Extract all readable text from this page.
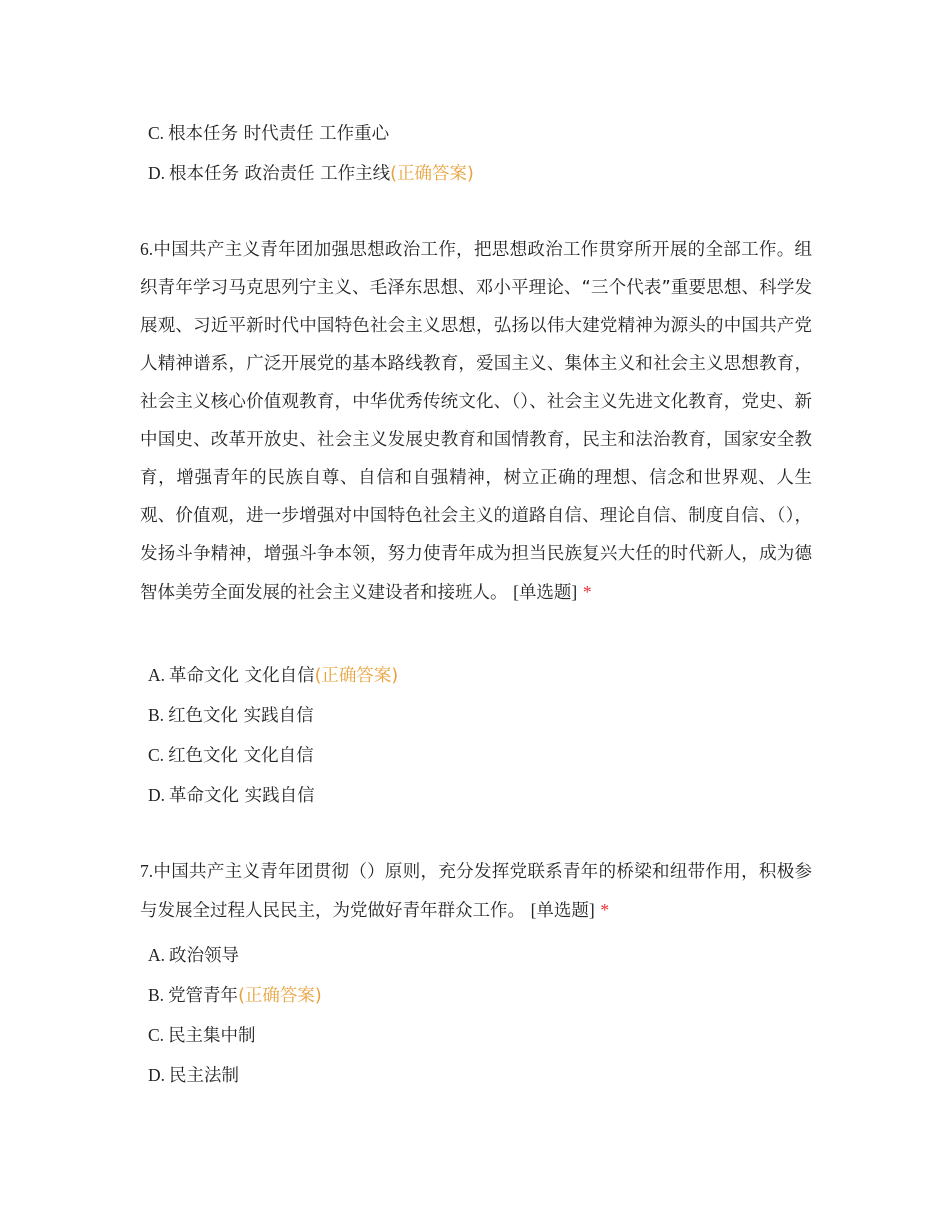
C. 根本任务 时代责任 工作重心
D. 根本任务 政治责任 工作主线(正确答案)
6.中国共产主义青年团加强思想政治工作，把思想政治工作贯穿所开展的全部工作。组织青年学习马克思列宁主义、毛泽东思想、邓小平理论、“三个代表”重要思想、科学发展观、习近平新时代中国特色社会主义思想，弘扬以伟大建党精神为源头的中国共产党人精神谱系，广泛开展党的基本路线教育，爱国主义、集体主义和社会主义思想教育，社会主义核心价值观教育，中华优秀传统文化、（）、社会主义先进文化教育，党史、新中国史、改革开放史、社会主义发展史教育和国情教育，民主和法治教育，国家安全教育，增强青年的民族自尊、自信和自强精神，树立正确的理想、信念和世界观、人生观、价值观，进一步增强对中国特色社会主义的道路自信、理论自信、制度自信、（），发扬斗争精神，增强斗争本领，努力使青年成为担当民族复兴大任的时代新人，成为德智体美劳全面发展的社会主义建设者和接班人。 [单选题] *
A. 革命文化 文化自信(正确答案)
B. 红色文化 实践自信
C. 红色文化 文化自信
D. 革命文化 实践自信
7.中国共产主义青年团贯彻（）原则，充分发挥党联系青年的桥梁和纽带作用，积极参与发展全过程人民民主，为党做好青年群众工作。 [单选题] *
A. 政治领导
B. 党管青年(正确答案)
C. 民主集中制
D. 民主法制
